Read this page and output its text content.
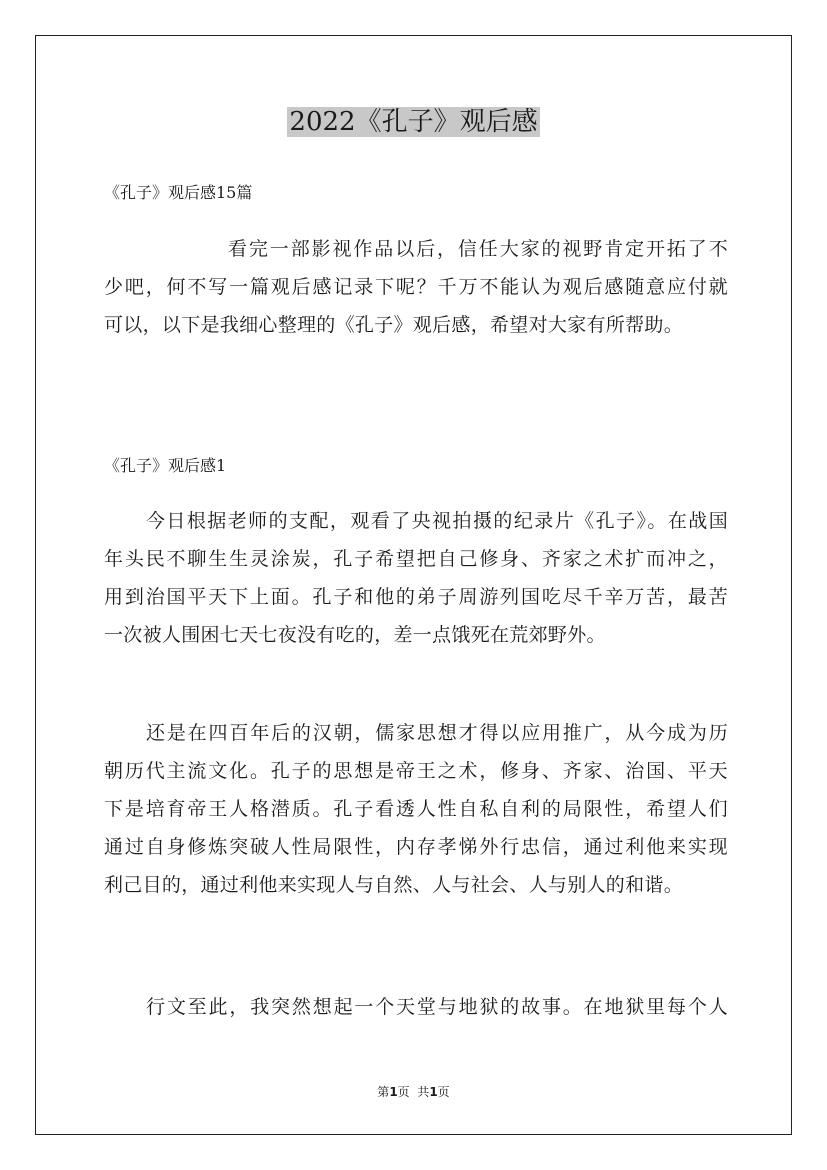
2022《孔子》观后感
《孔子》观后感15篇
看完一部影视作品以后，信任大家的视野肯定开拓了不
少吧，何不写一篇观后感记录下呢？千万不能认为观后感随意应付就
可以，以下是我细心整理的《孔子》观后感，希望对大家有所帮助。
《孔子》观后感1
今日根据老师的支配，观看了央视拍摄的纪录片《孔子》。在战国
年头民不聊生生灵涂炭，孔子希望把自己修身、齐家之术扩而冲之，
用到治国平天下上面。孔子和他的弟子周游列国吃尽千辛万苦，最苦
一次被人围困七天七夜没有吃的，差一点饿死在荒郊野外。
还是在四百年后的汉朝，儒家思想才得以应用推广，从今成为历
朝历代主流文化。孔子的思想是帝王之术，修身、齐家、治国、平天
下是培育帝王人格潜质。孔子看透人性自私自利的局限性，希望人们
通过自身修炼突破人性局限性，内存孝悌外行忠信，通过利他来实现
利己目的，通过利他来实现人与自然、人与社会、人与别人的和谐。
行文至此，我突然想起一个天堂与地狱的故事。在地狱里每个人
第1页  共1页
